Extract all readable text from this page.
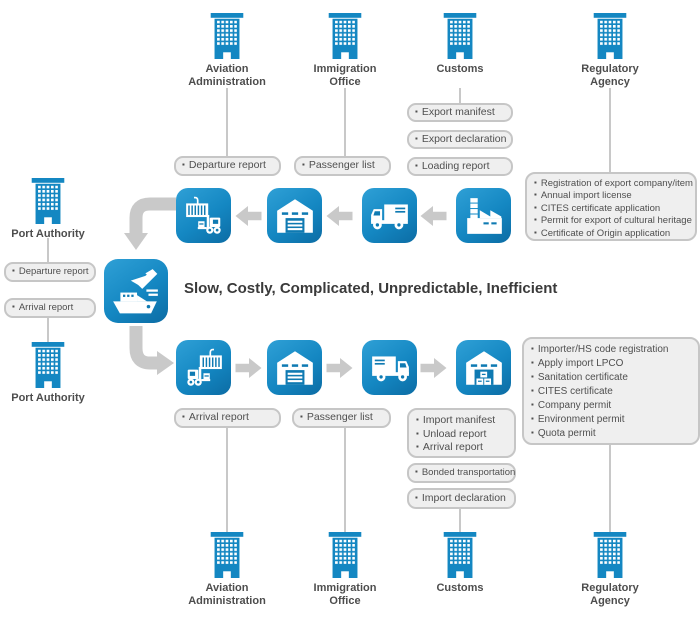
Slow, Costly, Complicated, Unpredictable, Inefficient
Aviation Administration
Immigration Office
Customs	Regulatory Agency
Port Authority
Port Authority
Aviation Administration
Immigration Office
Customs	Regulatory Agency
▪ Departure report	▪ Passenger list
▪ Export manifest
▪ Export declaration
▪ Loading report
▪ Registration of export company/item
▪ Annual import license
▪ CITES certificate application
▪ Permit for export of cultural heritage
▪ Certificate of Origin application
▪ Departure report
▪ Arrival report
▪ Arrival report	▪ Passenger list	▪ Import manifest
▪ Unload report
▪ Arrival report
▪ Bonded transportation
▪ Import declaration
▪ Importer/HS code registration
▪ Apply import LPCO
▪ Sanitation certificate
▪ CITES certificate
▪ Company permit
▪ Environment permit
▪ Quota permit
